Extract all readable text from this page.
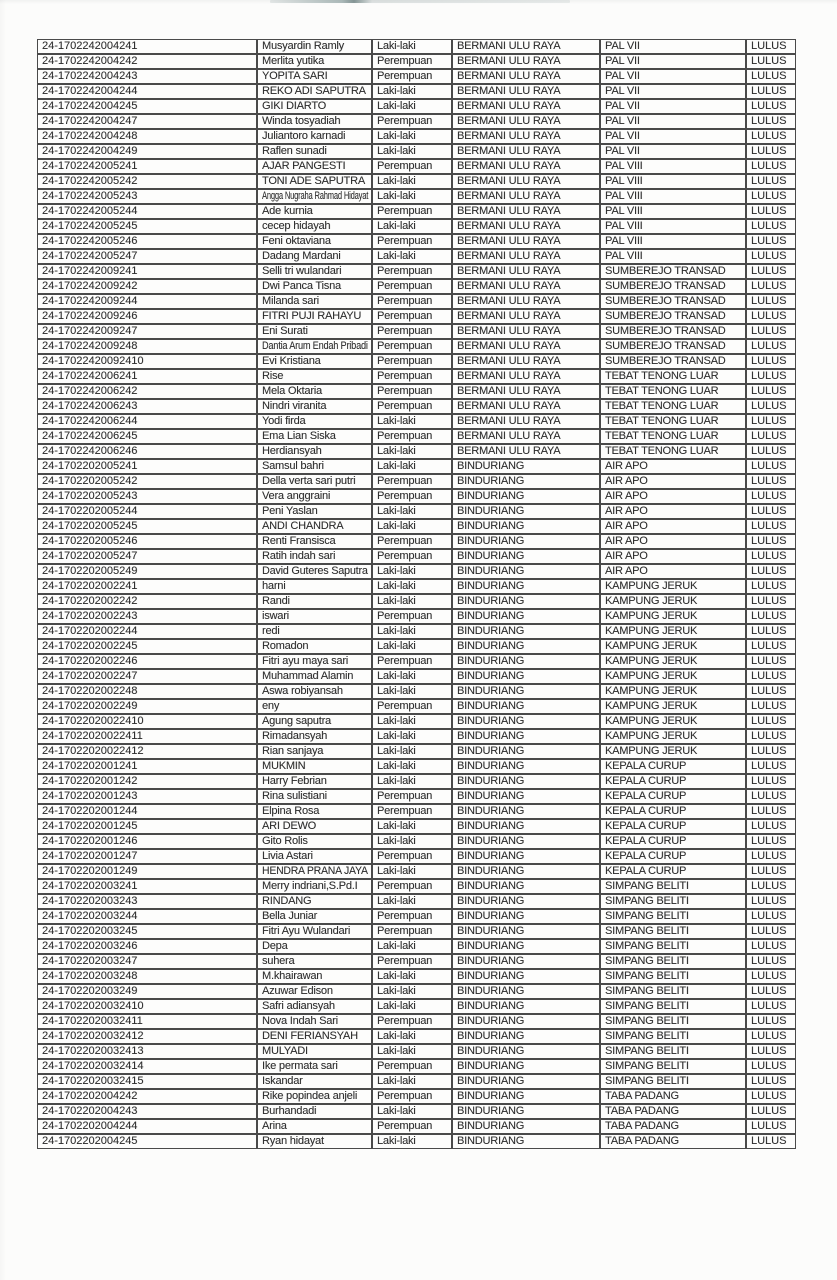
24-1702242004241	Musyardin Ramly	Laki-laki	BERMANI ULU RAYA	PAL VII	LULUS
24-1702242004242	Merlita yutika	Perempuan	BERMANI ULU RAYA	PAL VII	LULUS
24-1702242004243	YOPITA SARI	Perempuan	BERMANI ULU RAYA	PAL VII	LULUS
24-1702242004244	REKO ADI SAPUTRA	Laki-laki	BERMANI ULU RAYA	PAL VII	LULUS
24-1702242004245	GIKI DIARTO	Laki-laki	BERMANI ULU RAYA	PAL VII	LULUS
24-1702242004247	Winda tosyadiah	Perempuan	BERMANI ULU RAYA	PAL VII	LULUS
24-1702242004248	Juliantoro karnadi	Laki-laki	BERMANI ULU RAYA	PAL VII	LULUS
24-1702242004249	Raflen sunadi	Laki-laki	BERMANI ULU RAYA	PAL VII	LULUS
24-1702242005241	AJAR PANGESTI	Perempuan	BERMANI ULU RAYA	PAL VIII	LULUS
24-1702242005242	TONI ADE SAPUTRA	Laki-laki	BERMANI ULU RAYA	PAL VIII	LULUS
24-1702242005243	Angga Nugraha Rahmad Hidayat	Laki-laki	BERMANI ULU RAYA	PAL VIII	LULUS
24-1702242005244	Ade kurnia	Perempuan	BERMANI ULU RAYA	PAL VIII	LULUS
24-1702242005245	cecep hidayah	Laki-laki	BERMANI ULU RAYA	PAL VIII	LULUS
24-1702242005246	Feni oktaviana	Perempuan	BERMANI ULU RAYA	PAL VIII	LULUS
24-1702242005247	Dadang Mardani	Laki-laki	BERMANI ULU RAYA	PAL VIII	LULUS
24-1702242009241	Selli tri wulandari	Perempuan	BERMANI ULU RAYA	SUMBEREJO TRANSAD	LULUS
24-1702242009242	Dwi Panca Tisna	Perempuan	BERMANI ULU RAYA	SUMBEREJO TRANSAD	LULUS
24-1702242009244	Milanda sari	Perempuan	BERMANI ULU RAYA	SUMBEREJO TRANSAD	LULUS
24-1702242009246	FITRI PUJI RAHAYU	Perempuan	BERMANI ULU RAYA	SUMBEREJO TRANSAD	LULUS
24-1702242009247	Eni Surati	Perempuan	BERMANI ULU RAYA	SUMBEREJO TRANSAD	LULUS
24-1702242009248	Dantia Arum Endah Pribadi	Perempuan	BERMANI ULU RAYA	SUMBEREJO TRANSAD	LULUS
24-17022420092410	Evi Kristiana	Perempuan	BERMANI ULU RAYA	SUMBEREJO TRANSAD	LULUS
24-1702242006241	Rise	Perempuan	BERMANI ULU RAYA	TEBAT TENONG LUAR	LULUS
24-1702242006242	Mela Oktaria	Perempuan	BERMANI ULU RAYA	TEBAT TENONG LUAR	LULUS
24-1702242006243	Nindri viranita	Perempuan	BERMANI ULU RAYA	TEBAT TENONG LUAR	LULUS
24-1702242006244	Yodi firda	Laki-laki	BERMANI ULU RAYA	TEBAT TENONG LUAR	LULUS
24-1702242006245	Ema Lian Siska	Perempuan	BERMANI ULU RAYA	TEBAT TENONG LUAR	LULUS
24-1702242006246	Herdiansyah	Laki-laki	BERMANI ULU RAYA	TEBAT TENONG LUAR	LULUS
24-1702202005241	Samsul bahri	Laki-laki	BINDURIANG	AIR APO	LULUS
24-1702202005242	Della verta sari putri	Perempuan	BINDURIANG	AIR APO	LULUS
24-1702202005243	Vera anggraini	Perempuan	BINDURIANG	AIR APO	LULUS
24-1702202005244	Peni Yaslan	Laki-laki	BINDURIANG	AIR APO	LULUS
24-1702202005245	ANDI CHANDRA	Laki-laki	BINDURIANG	AIR APO	LULUS
24-1702202005246	Renti Fransisca	Perempuan	BINDURIANG	AIR APO	LULUS
24-1702202005247	Ratih indah sari	Perempuan	BINDURIANG	AIR APO	LULUS
24-1702202005249	David Guteres Saputra	Laki-laki	BINDURIANG	AIR APO	LULUS
24-1702202002241	harni	Laki-laki	BINDURIANG	KAMPUNG JERUK	LULUS
24-1702202002242	Randi	Laki-laki	BINDURIANG	KAMPUNG JERUK	LULUS
24-1702202002243	iswari	Perempuan	BINDURIANG	KAMPUNG JERUK	LULUS
24-1702202002244	redi	Laki-laki	BINDURIANG	KAMPUNG JERUK	LULUS
24-1702202002245	Romadon	Laki-laki	BINDURIANG	KAMPUNG JERUK	LULUS
24-1702202002246	Fitri ayu maya sari	Perempuan	BINDURIANG	KAMPUNG JERUK	LULUS
24-1702202002247	Muhammad Alamin	Laki-laki	BINDURIANG	KAMPUNG JERUK	LULUS
24-1702202002248	Aswa robiyansah	Laki-laki	BINDURIANG	KAMPUNG JERUK	LULUS
24-1702202002249	eny	Perempuan	BINDURIANG	KAMPUNG JERUK	LULUS
24-17022020022410	Agung saputra	Laki-laki	BINDURIANG	KAMPUNG JERUK	LULUS
24-17022020022411	Rimadansyah	Laki-laki	BINDURIANG	KAMPUNG JERUK	LULUS
24-17022020022412	Rian sanjaya	Laki-laki	BINDURIANG	KAMPUNG JERUK	LULUS
24-1702202001241	MUKMIN	Laki-laki	BINDURIANG	KEPALA CURUP	LULUS
24-1702202001242	Harry Febrian	Laki-laki	BINDURIANG	KEPALA CURUP	LULUS
24-1702202001243	Rina sulistiani	Perempuan	BINDURIANG	KEPALA CURUP	LULUS
24-1702202001244	Elpina Rosa	Perempuan	BINDURIANG	KEPALA CURUP	LULUS
24-1702202001245	ARI DEWO	Laki-laki	BINDURIANG	KEPALA CURUP	LULUS
24-1702202001246	Gito Rolis	Laki-laki	BINDURIANG	KEPALA CURUP	LULUS
24-1702202001247	Livia Astari	Perempuan	BINDURIANG	KEPALA CURUP	LULUS
24-1702202001249	HENDRA PRANA JAYA	Laki-laki	BINDURIANG	KEPALA CURUP	LULUS
24-1702202003241	Merry indriani,S.Pd.I	Perempuan	BINDURIANG	SIMPANG BELITI	LULUS
24-1702202003243	RINDANG	Laki-laki	BINDURIANG	SIMPANG BELITI	LULUS
24-1702202003244	Bella Juniar	Perempuan	BINDURIANG	SIMPANG BELITI	LULUS
24-1702202003245	Fitri Ayu Wulandari	Perempuan	BINDURIANG	SIMPANG BELITI	LULUS
24-1702202003246	Depa	Laki-laki	BINDURIANG	SIMPANG BELITI	LULUS
24-1702202003247	suhera	Perempuan	BINDURIANG	SIMPANG BELITI	LULUS
24-1702202003248	M.khairawan	Laki-laki	BINDURIANG	SIMPANG BELITI	LULUS
24-1702202003249	Azuwar Edison	Laki-laki	BINDURIANG	SIMPANG BELITI	LULUS
24-17022020032410	Safri adiansyah	Laki-laki	BINDURIANG	SIMPANG BELITI	LULUS
24-17022020032411	Nova Indah Sari	Perempuan	BINDURIANG	SIMPANG BELITI	LULUS
24-17022020032412	DENI FERIANSYAH	Laki-laki	BINDURIANG	SIMPANG BELITI	LULUS
24-17022020032413	MULYADI	Laki-laki	BINDURIANG	SIMPANG BELITI	LULUS
24-17022020032414	Ike permata sari	Perempuan	BINDURIANG	SIMPANG BELITI	LULUS
24-17022020032415	Iskandar	Laki-laki	BINDURIANG	SIMPANG BELITI	LULUS
24-1702202004242	Rike popindea anjeli	Perempuan	BINDURIANG	TABA PADANG	LULUS
24-1702202004243	Burhandadi	Laki-laki	BINDURIANG	TABA PADANG	LULUS
24-1702202004244	Arina	Perempuan	BINDURIANG	TABA PADANG	LULUS
24-1702202004245	Ryan hidayat	Laki-laki	BINDURIANG	TABA PADANG	LULUS
